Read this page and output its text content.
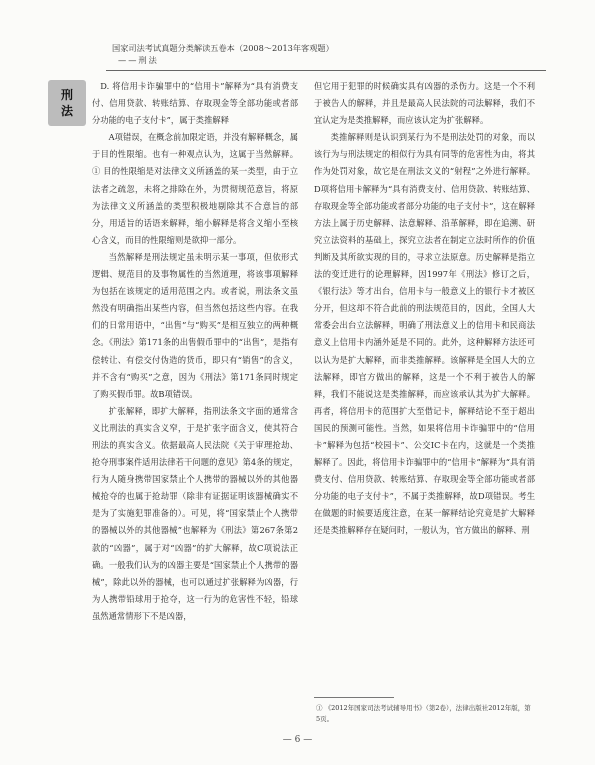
国家司法考试真题分类解读五卷本（2008～2013年客观题）
——刑法
刑
法

D. 将信用卡诈骗罪中的“信用卡”解释为“具有消费支付、信用贷款、转账结算、存取现金等全部功能或者部分功能的电子支付卡”，属于类推解释

A项错误，在概念前加限定语，并没有解释概念，属于目的性限缩。也有一种观点认为，这属于当然解释。① 目的性限缩是对法律文义所涵盖的某一类型，由于立法者之疏忽，未将之排除在外，为贯彻规范意旨，将原为法律文义所涵盖的类型积极地剔除其不合意旨的部分，用适旨的话语来解释，缩小解释是将含义缩小至核心含义，而目的性限缩则是欲抑一部分。

当然解释是刑法规定虽未明示某一事项，但依形式逻辑、规范目的及事物属性的当然道理，将该事项解释为包括在该规定的适用范围之内。或者说，刑法条文虽然没有明确指出某些内容，但当然包括这些内容。在我们的日常用语中，“出售”与“购买”是相互独立的两种概念。《刑法》第171条的出售假币罪中的“出售”，是指有偿转让、有偿交付伪造的货币，即只有“销售”的含义，并不含有“购买”之意，因为《刑法》第171条同时规定了购买假币罪。故B项错误。

扩张解释，即扩大解释，指刑法条文字面的通常含义比刑法的真实含义窄，于是扩张字面含义，使其符合刑法的真实含义。依据最高人民法院《关于审理抢劫、抢夺刑事案件适用法律若干问题的意见》第4条的规定，行为人随身携带国家禁止个人携带的器械以外的其他器械抢夺的也属于抢劫罪（除非有证据证明该器械确实不是为了实施犯罪准备的）。可见，将“国家禁止个人携带的器械以外的其他器械”也解释为《刑法》第267条第2款的“凶器”，属于对“凶器”的扩大解释，故C项说法正确。一般我们认为的凶器主要是“国家禁止个人携带的器械”，除此以外的器械，也可以通过扩张解释为凶器，行为人携带铅球用于抢夺，这一行为的危害性不轻，铅球虽然通常情形下不是凶器，

但它用于犯罪的时候确实具有凶器的杀伤力。这是一个不利于被告人的解释，并且是最高人民法院的司法解释，我们不宜认定为是类推解释，而应该认定为扩张解释。

类推解释则是认识到某行为不是刑法处罚的对象，而以该行为与刑法规定的相似行为具有同等的危害性为由，将其作为处罚对象，故它是在刑法文义的“射程”之外进行解释。D项将信用卡解释为“具有消费支付、信用贷款、转账结算、存取现金等全部功能或者部分功能的电子支付卡”，这在解释方法上属于历史解释、法意解释、沿革解释，即在追溯、研究立法资料的基础上，探究立法者在制定立法时所作的价值判断及其所欲实现的目的，寻求立法原意。历史解释是指立法的变迁进行的论理解释，因1997年《刑法》修订之后，《银行法》等才出台，信用卡与一般意义上的银行卡才被区分开，但这却不符合此前的刑法规范目的，因此，全国人大常委会出台立法解释，明确了刑法意义上的信用卡和民商法意义上信用卡内涵外延是不同的。此外，这种解释方法还可以认为是扩大解释，而非类推解释。该解释是全国人大的立法解释，即官方做出的解释，这是一个不利于被告人的解释，我们不能说这是类推解释，而应该承认其为扩大解释。再者，将信用卡的范围扩大至借记卡，解释结论不至于超出国民的预测可能性。当然，如果将信用卡诈骗罪中的“信用卡”解释为包括“校园卡”、公交IC卡在内，这就是一个类推解释了。因此，将信用卡诈骗罪中的“信用卡”解释为“具有消费支付、信用贷款、转账结算、存取现金等全部功能或者部分功能的电子支付卡”，不属于类推解释，故D项错误。考生在做题的时候要适度注意，在某一解释结论究竟是扩大解释还是类推解释存在疑问时，一般认为，官方做出的解释、刑

① 《2012年国家司法考试辅导用书》（第2卷），法律出版社2012年版，第5页。
— 6 —
